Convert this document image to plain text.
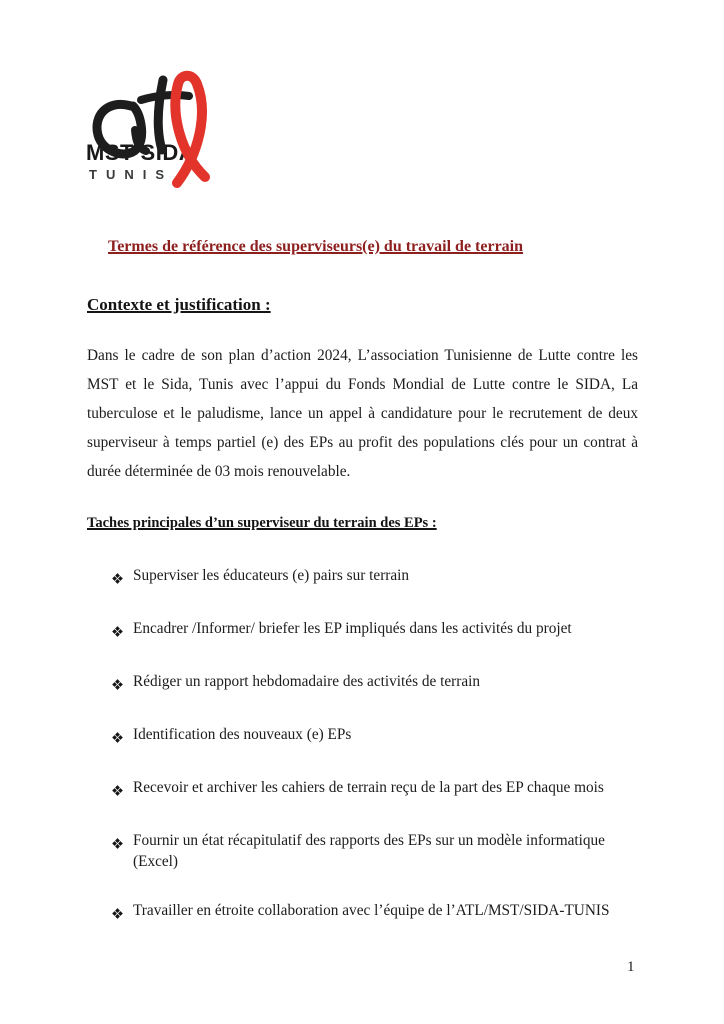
MST SIDA
TUNIS
Termes de référence des superviseurs(e) du travail de terrain
Contexte et justification :

Dans le cadre de son plan d’action 2024, L’association Tunisienne de Lutte contre les MST et le Sida, Tunis avec l’appui du Fonds Mondial de Lutte contre le SIDA, La tuberculose et le paludisme, lance un appel à candidature pour le recrutement de deux superviseur à temps partiel (e) des EPs au profit des populations clés pour un contrat à durée déterminée de 03 mois renouvelable.

Taches principales d’un superviseur du terrain des EPs :
Superviser les éducateurs (e) pairs sur terrain
Encadrer /Informer/ briefer les EP impliqués dans les activités du projet
Rédiger un rapport hebdomadaire des activités de terrain
Identification des nouveaux (e) EPs
Recevoir et archiver les cahiers de terrain reçu de la part des EP chaque mois
Fournir un état récapitulatif des rapports des EPs sur un modèle informatique (Excel)
Travailler en étroite collaboration avec l’équipe de l’ATL/MST/SIDA-TUNIS
1
